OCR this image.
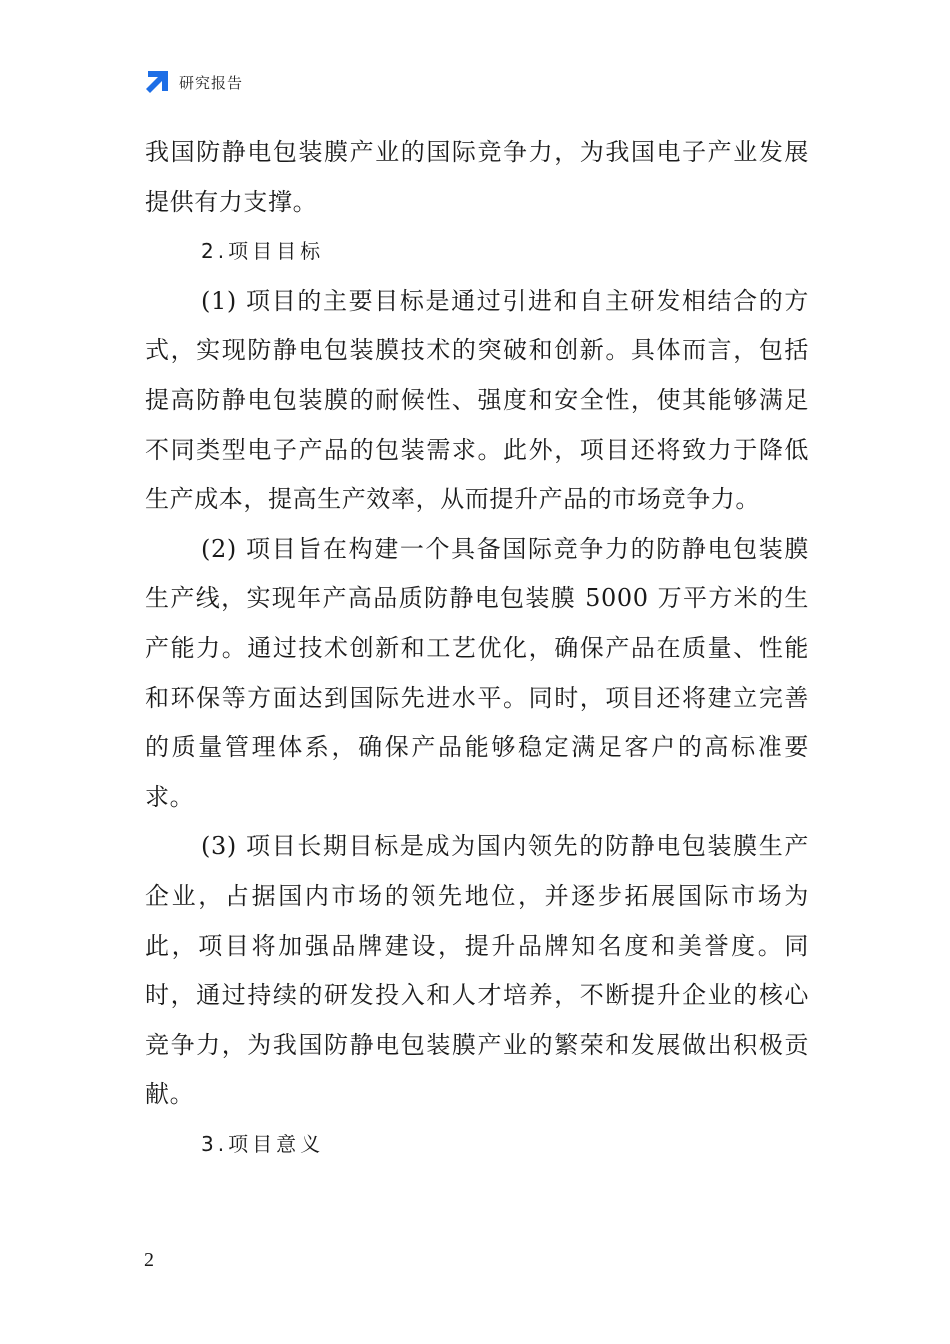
研究报告

我国防静电包装膜产业的国际竞争力，为我国电子产业发展提供有力支撑。

2.项目目标

(1) 项目的主要目标是通过引进和自主研发相结合的方式，实现防静电包装膜技术的突破和创新。具体而言，包括提高防静电包装膜的耐候性、强度和安全性，使其能够满足不同类型电子产品的包装需求。此外，项目还将致力于降低生产成本，提高生产效率，从而提升产品的市场竞争力。

(2) 项目旨在构建一个具备国际竞争力的防静电包装膜生产线，实现年产高品质防静电包装膜 5000 万平方米的生产能力。通过技术创新和工艺优化，确保产品在质量、性能和环保等方面达到国际先进水平。同时，项目还将建立完善的质量管理体系，确保产品能够稳定满足客户的高标准要求。

(3) 项目长期目标是成为国内领先的防静电包装膜生产企业，占据国内市场的领先地位，并逐步拓展国际市场为此，项目将加强品牌建设，提升品牌知名度和美誉度。同时，通过持续的研发投入和人才培养，不断提升企业的核心竞争力，为我国防静电包装膜产业的繁荣和发展做出积极贡献。

3.项目意义

2
